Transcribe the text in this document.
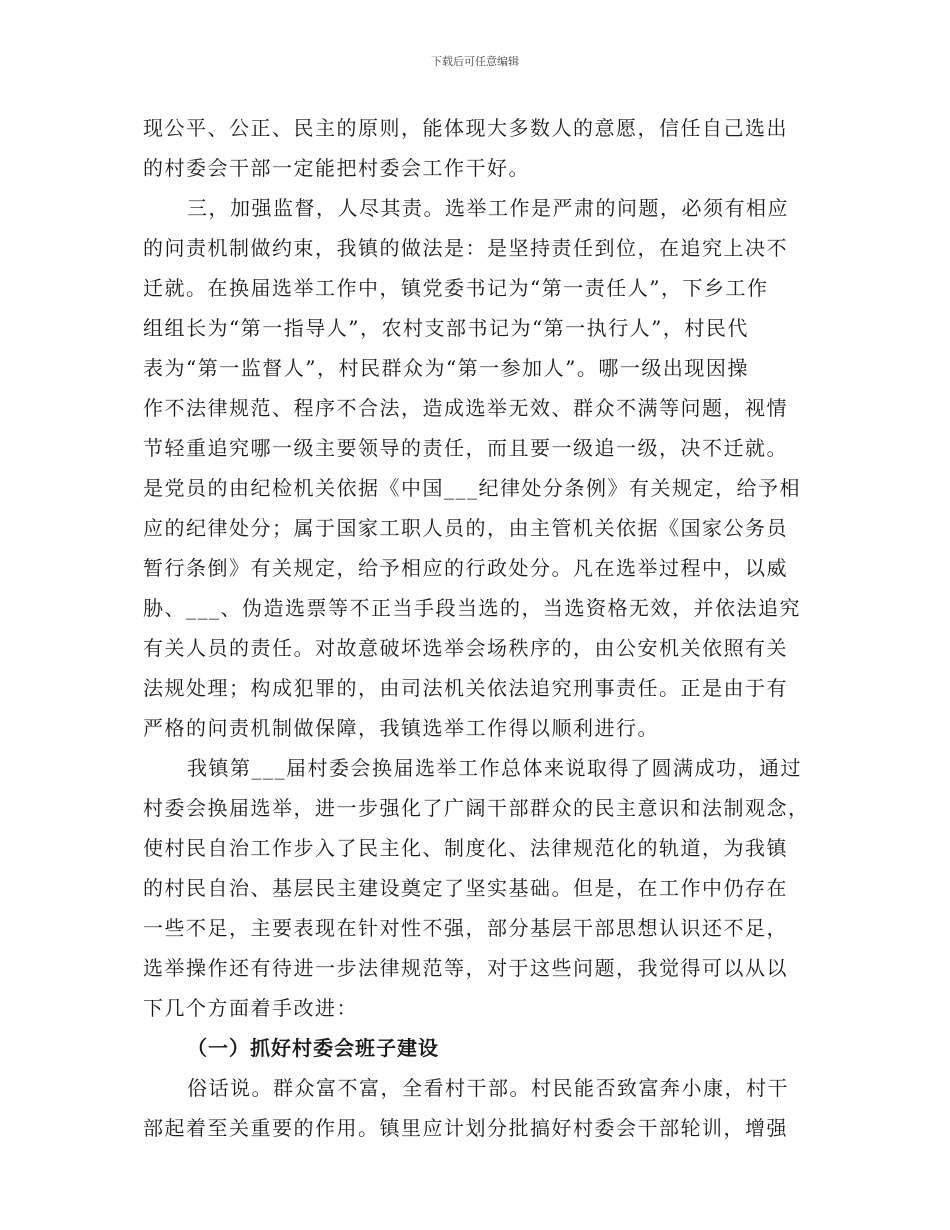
下载后可任意编辑
现公平、公正、民主的原则，能体现大多数人的意愿，信任自己选出
的村委会干部一定能把村委会工作干好。
三，加强监督，人尽其责。选举工作是严肃的问题，必须有相应
的问责机制做约束，我镇的做法是：是坚持责任到位，在追究上决不
迁就。在换届选举工作中，镇党委书记为“第一责任人”，下乡工作
组组长为“第一指导人”，农村支部书记为“第一执行人”，村民代
表为“第一监督人”，村民群众为“第一参加人”。哪一级出现因操
作不法律规范、程序不合法，造成选举无效、群众不满等问题，视情
节轻重追究哪一级主要领导的责任，而且要一级追一级，决不迁就。
是党员的由纪检机关依据《中国___纪律处分条例》有关规定，给予相
应的纪律处分；属于国家工职人员的，由主管机关依据《国家公务员
暂行条倒》有关规定，给予相应的行政处分。凡在选举过程中，以威
胁、___、伪造选票等不正当手段当选的，当选资格无效，并依法追究
有关人员的责任。对故意破坏选举会场秩序的，由公安机关依照有关
法规处理；构成犯罪的，由司法机关依法追究刑事责任。正是由于有
严格的问责机制做保障，我镇选举工作得以顺利进行。
我镇第___届村委会换届选举工作总体来说取得了圆满成功，通过
村委会换届选举，进一步强化了广阔干部群众的民主意识和法制观念，
使村民自治工作步入了民主化、制度化、法律规范化的轨道，为我镇
的村民自治、基层民主建设奠定了坚实基础。但是，在工作中仍存在
一些不足，主要表现在针对性不强，部分基层干部思想认识还不足，
选举操作还有待进一步法律规范等，对于这些问题，我觉得可以从以
下几个方面着手改进：
（一）抓好村委会班子建设
俗话说。群众富不富，全看村干部。村民能否致富奔小康，村干
部起着至关重要的作用。镇里应计划分批搞好村委会干部轮训，增强
